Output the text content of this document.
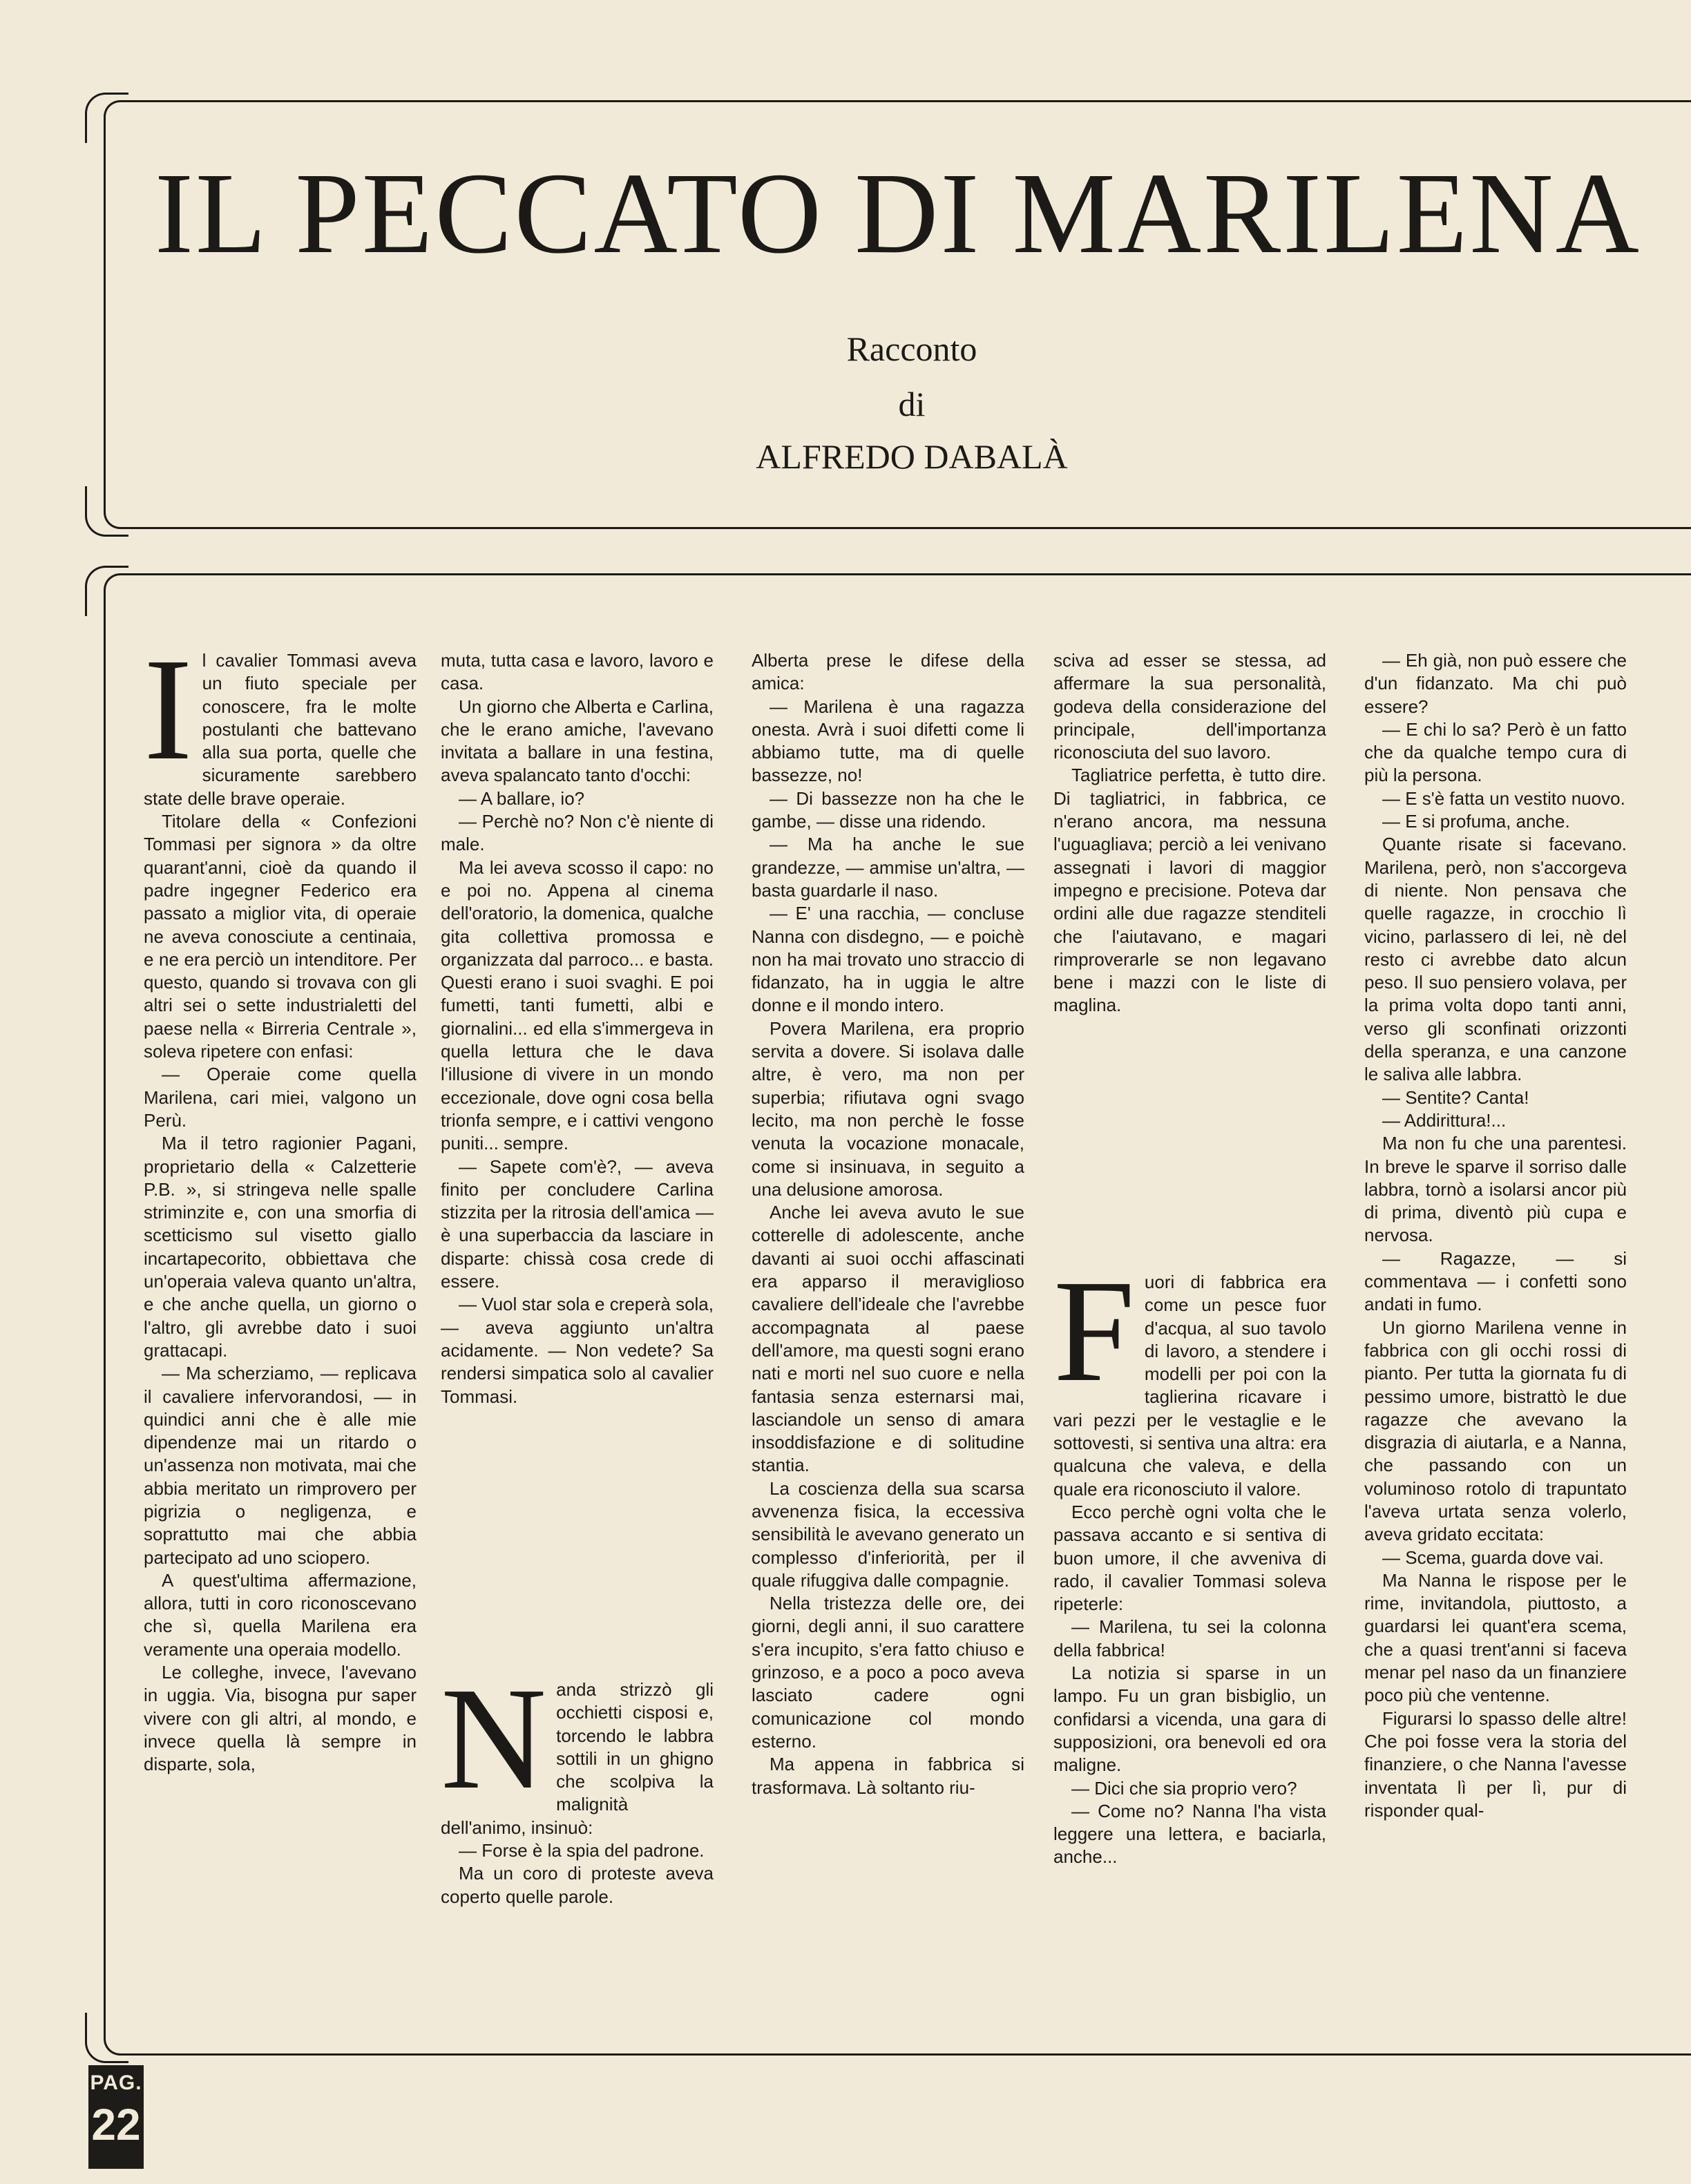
IL PECCATO DI MARILENA
Racconto
di
ALFREDO DABALÀ
I l cavalier Tommasi aveva un fiuto speciale per conoscere, fra le molte postulanti che battevano alla sua porta, quelle che sicuramente sarebbero state delle brave operaie.

Titolare della « Confezioni Tommasi per signora » da oltre quarant'anni, cioè da quando il padre ingegner Federico era passato a miglior vita, di operaie ne aveva conosciute a centinaia, e ne era perciò un intenditore. Per questo, quando si trovava con gli altri sei o sette industrialetti del paese nella « Birreria Centrale », soleva ripetere con enfasi:

— Operaie come quella Marilena, cari miei, valgono un Perù.

Ma il tetro ragionier Pagani, proprietario della « Calzetterie P.B. », si stringeva nelle spalle striminzite e, con una smorfia di scetticismo sul visetto giallo incartapecorito, obbiettava che un'operaia valeva quanto un'altra, e che anche quella, un giorno o l'altro, gli avrebbe dato i suoi grattacapi.

— Ma scherziamo, — replicava il cavaliere infervorandosi, — in quindici anni che è alle mie dipendenze mai un ritardo o un'assenza non motivata, mai che abbia meritato un rimprovero per pigrizia o negligenza, e soprattutto mai che abbia partecipato ad uno sciopero.

A quest'ultima affermazione, allora, tutti in coro riconoscevano che sì, quella Marilena era veramente una operaia modello.

Le colleghe, invece, l'avevano in uggia. Via, bisogna pur saper vivere con gli altri, al mondo, e invece quella là sempre in disparte, sola,

muta, tutta casa e lavoro, lavoro e casa.

Un giorno che Alberta e Carlina, che le erano amiche, l'avevano invitata a ballare in una festina, aveva spalancato tanto d'occhi:

— A ballare, io?

— Perchè no? Non c'è niente di male.

Ma lei aveva scosso il capo: no e poi no. Appena al cinema dell'oratorio, la domenica, qualche gita collettiva promossa e organizzata dal parroco... e basta. Questi erano i suoi svaghi. E poi fumetti, tanti fumetti, albi e giornalini... ed ella s'immergeva in quella lettura che le dava l'illusione di vivere in un mondo eccezionale, dove ogni cosa bella trionfa sempre, e i cattivi vengono puniti... sempre.

— Sapete com'è?, — aveva finito per concludere Carlina stizzita per la ritrosia dell'amica — è una superbaccia da lasciare in disparte: chissà cosa crede di essere.

— Vuol star sola e creperà sola, — aveva aggiunto un'altra acidamente. — Non vedete? Sa rendersi simpatica solo al cavalier Tommasi.

N anda strizzò gli occhietti cisposi e, torcendo le labbra sottili in un ghigno che scolpiva la malignità dell'animo, insinuò:

— Forse è la spia del padrone.

Ma un coro di proteste aveva coperto quelle parole.

Alberta prese le difese della amica:

— Marilena è una ragazza onesta. Avrà i suoi difetti come li abbiamo tutte, ma di quelle bassezze, no!

— Di bassezze non ha che le gambe, — disse una ridendo.

— Ma ha anche le sue grandezze, — ammise un'altra, — basta guardarle il naso.

— E' una racchia, — concluse Nanna con disdegno, — e poichè non ha mai trovato uno straccio di fidanzato, ha in uggia le altre donne e il mondo intero.

Povera Marilena, era proprio servita a dovere. Si isolava dalle altre, è vero, ma non per superbia; rifiutava ogni svago lecito, ma non perchè le fosse venuta la vocazione monacale, come si insinuava, in seguito a una delusione amorosa.

Anche lei aveva avuto le sue cotterelle di adolescente, anche davanti ai suoi occhi affascinati era apparso il meraviglioso cavaliere dell'ideale che l'avrebbe accompagnata al paese dell'amore, ma questi sogni erano nati e morti nel suo cuore e nella fantasia senza esternarsi mai, lasciandole un senso di amara insoddisfazione e di solitudine stantia.

La coscienza della sua scarsa avvenenza fisica, la eccessiva sensibilità le avevano generato un complesso d'inferiorità, per il quale rifuggiva dalle compagnie.

Nella tristezza delle ore, dei giorni, degli anni, il suo carattere s'era incupito, s'era fatto chiuso e grinzoso, e a poco a poco aveva lasciato cadere ogni comunicazione col mondo esterno.

Ma appena in fabbrica si trasformava. Là soltanto riu-

sciva ad esser se stessa, ad affermare la sua personalità, godeva della considerazione del principale, dell'importanza riconosciuta del suo lavoro.

Tagliatrice perfetta, è tutto dire. Di tagliatrici, in fabbrica, ce n'erano ancora, ma nessuna l'uguagliava; perciò a lei venivano assegnati i lavori di maggior impegno e precisione. Poteva dar ordini alle due ragazze stenditeli che l'aiutavano, e magari rimproverarle se non legavano bene i mazzi con le liste di maglina.

F uori di fabbrica era come un pesce fuor d'acqua, al suo tavolo di lavoro, a stendere i modelli per poi con la taglierina ricavare i vari pezzi per le vestaglie e le sottovesti, si sentiva una altra: era qualcuna che valeva, e della quale era riconosciuto il valore.

Ecco perchè ogni volta che le passava accanto e si sentiva di buon umore, il che avveniva di rado, il cavalier Tommasi soleva ripeterle:

— Marilena, tu sei la colonna della fabbrica!

La notizia si sparse in un lampo. Fu un gran bisbiglio, un confidarsi a vicenda, una gara di supposizioni, ora benevoli ed ora maligne.

— Dici che sia proprio vero?

— Come no? Nanna l'ha vista leggere una lettera, e baciarla, anche...

— Eh già, non può essere che d'un fidanzato. Ma chi può essere?

— E chi lo sa? Però è un fatto che da qualche tempo cura di più la persona.

— E s'è fatta un vestito nuovo.

— E si profuma, anche.

Quante risate si facevano. Marilena, però, non s'accorgeva di niente. Non pensava che quelle ragazze, in crocchio lì vicino, parlassero di lei, nè del resto ci avrebbe dato alcun peso. Il suo pensiero volava, per la prima volta dopo tanti anni, verso gli sconfinati orizzonti della speranza, e una canzone le saliva alle labbra.

— Sentite? Canta!

— Addirittura!...

Ma non fu che una parentesi. In breve le sparve il sorriso dalle labbra, tornò a isolarsi ancor più di prima, diventò più cupa e nervosa.

— Ragazze, — si commentava — i confetti sono andati in fumo.

Un giorno Marilena venne in fabbrica con gli occhi rossi di pianto. Per tutta la giornata fu di pessimo umore, bistrattò le due ragazze che avevano la disgrazia di aiutarla, e a Nanna, che passando con un voluminoso rotolo di trapuntato l'aveva urtata senza volerlo, aveva gridato eccitata:

— Scema, guarda dove vai.

Ma Nanna le rispose per le rime, invitandola, piuttosto, a guardarsi lei quant'era scema, che a quasi trent'anni si faceva menar pel naso da un finanziere poco più che ventenne.

Figurarsi lo spasso delle altre! Che poi fosse vera la storia del finanziere, o che Nanna l'avesse inventata lì per lì, pur di risponder qual-

PAG.
22
